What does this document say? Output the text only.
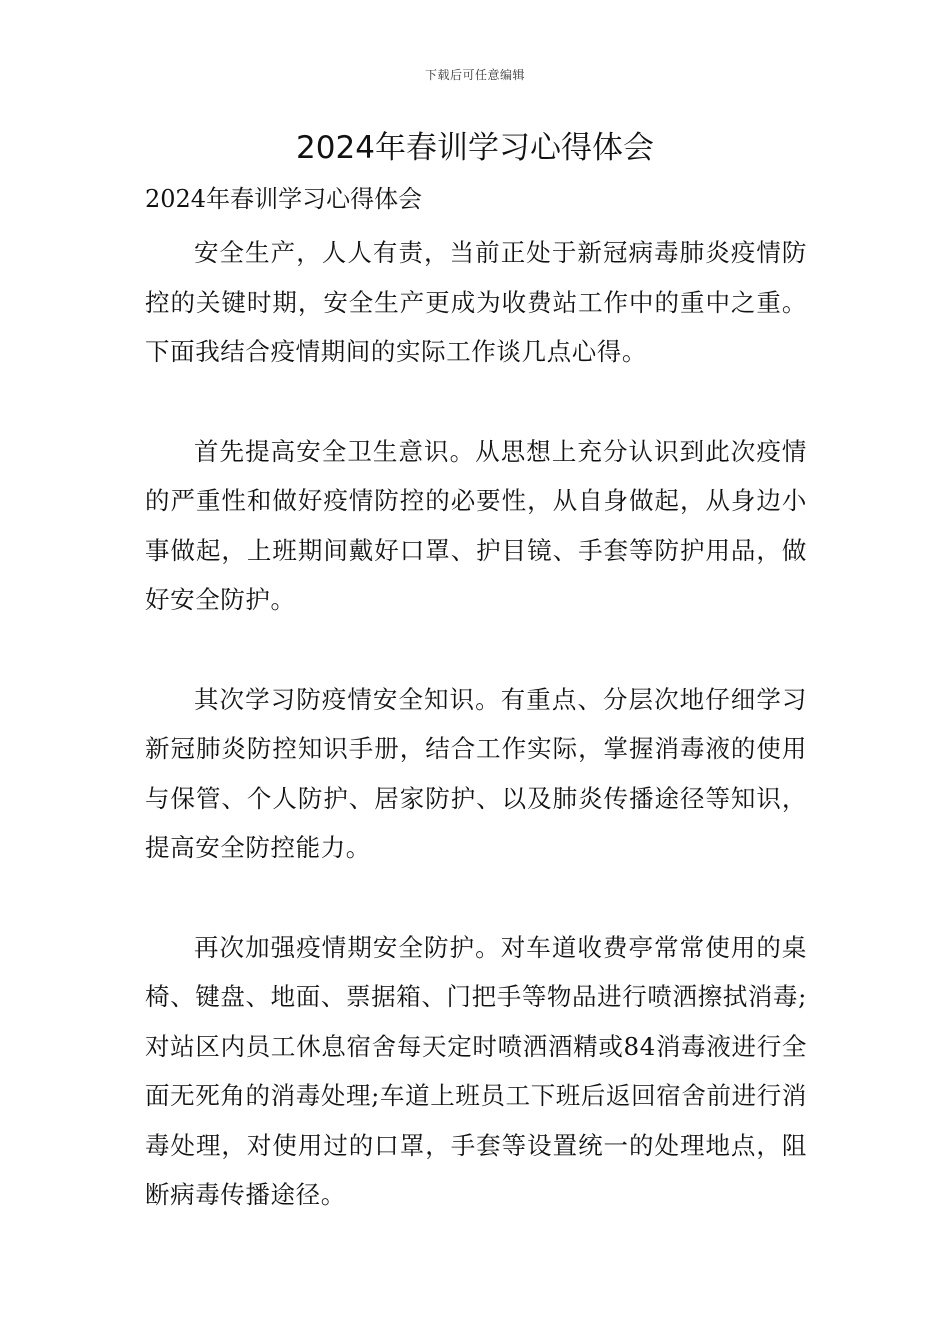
下载后可任意编辑
2024年春训学习心得体会

2024年春训学习心得体会

安全生产，人人有责，当前正处于新冠病毒肺炎疫情防控的关键时期，安全生产更成为收费站工作中的重中之重。下面我结合疫情期间的实际工作谈几点心得。

首先提高安全卫生意识。从思想上充分认识到此次疫情的严重性和做好疫情防控的必要性，从自身做起，从身边小事做起，上班期间戴好口罩、护目镜、手套等防护用品，做好安全防护。

其次学习防疫情安全知识。有重点、分层次地仔细学习新冠肺炎防控知识手册，结合工作实际，掌握消毒液的使用与保管、个人防护、居家防护、以及肺炎传播途径等知识，提高安全防控能力。

再次加强疫情期安全防护。对车道收费亭常常使用的桌椅、键盘、地面、票据箱、门把手等物品进行喷洒擦拭消毒;对站区内员工休息宿舍每天定时喷洒酒精或84消毒液进行全面无死角的消毒处理;车道上班员工下班后返回宿舍前进行消毒处理，对使用过的口罩，手套等设置统一的处理地点，阻断病毒传播途径。
